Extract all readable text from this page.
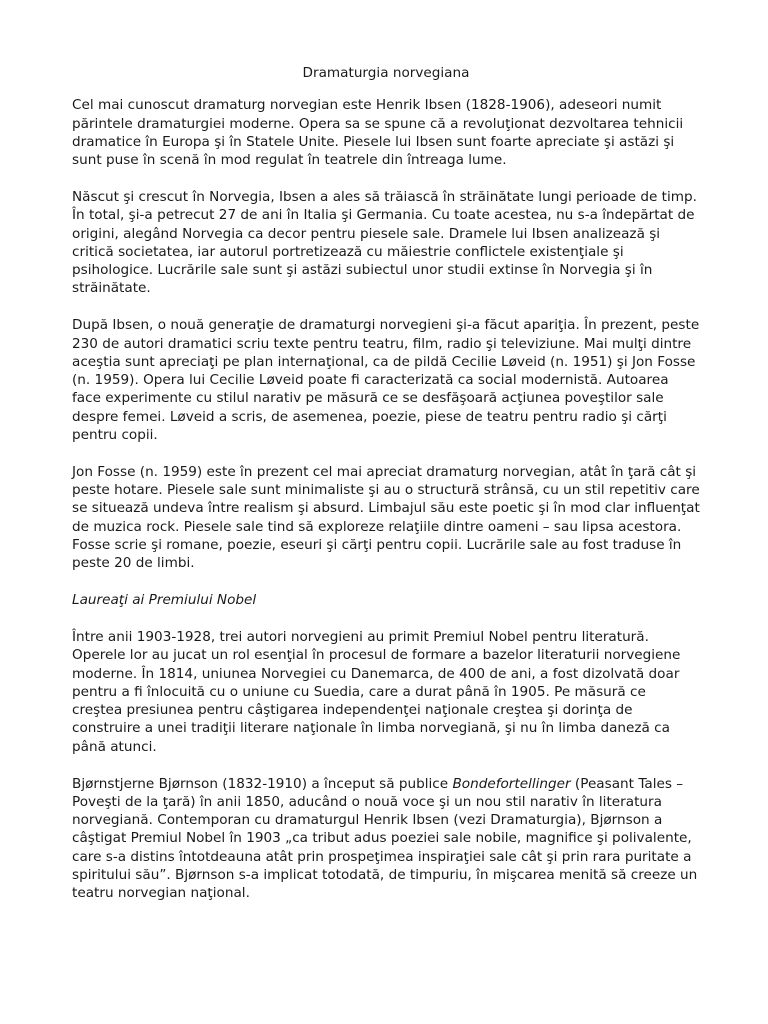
Dramaturgia norvegiana

Cel mai cunoscut dramaturg norvegian este Henrik Ibsen (1828-1906), adeseori numit părintele dramaturgiei moderne. Opera sa se spune că a revoluţionat dezvoltarea tehnicii dramatice în Europa şi în Statele Unite. Piesele lui Ibsen sunt foarte apreciate şi astăzi şi sunt puse în scenă în mod regulat în teatrele din întreaga lume.

Născut şi crescut în Norvegia, Ibsen a ales să trăiască în străinătate lungi perioade de timp. În total, şi-a petrecut 27 de ani în Italia şi Germania. Cu toate acestea, nu s-a îndepărtat de origini, alegând Norvegia ca decor pentru piesele sale. Dramele lui Ibsen analizează şi critică societatea, iar autorul portretizează cu măiestrie conflictele existenţiale şi psihologice. Lucrările sale sunt şi astăzi subiectul unor studii extinse în Norvegia şi în străinătate.

După Ibsen, o nouă generaţie de dramaturgi norvegieni şi-a făcut apariţia. În prezent, peste 230 de autori dramatici scriu texte pentru teatru, film, radio şi televiziune. Mai mulţi dintre aceştia sunt apreciaţi pe plan internaţional, ca de pildă Cecilie Løveid (n. 1951) şi Jon Fosse (n. 1959). Opera lui Cecilie Løveid poate fi caracterizată ca social modernistă. Autoarea face experimente cu stilul narativ pe măsură ce se desfăşoară acţiunea poveştilor sale despre femei. Løveid a scris, de asemenea, poezie, piese de teatru pentru radio şi cărţi pentru copii.

Jon Fosse (n. 1959) este în prezent cel mai apreciat dramaturg norvegian, atât în ţară cât şi peste hotare. Piesele sale sunt minimaliste şi au o structură strânsă, cu un stil repetitiv care se situează undeva între realism şi absurd. Limbajul său este poetic şi în mod clar influenţat de muzica rock. Piesele sale tind să exploreze relaţiile dintre oameni – sau lipsa acestora. Fosse scrie şi romane, poezie, eseuri şi cărţi pentru copii. Lucrările sale au fost traduse în peste 20 de limbi.

Laureaţi ai Premiului Nobel

Între anii 1903-1928, trei autori norvegieni au primit Premiul Nobel pentru literatură. Operele lor au jucat un rol esenţial în procesul de formare a bazelor literaturii norvegiene moderne. În 1814, uniunea Norvegiei cu Danemarca, de 400 de ani, a fost dizolvată doar pentru a fi înlocuită cu o uniune cu Suedia, care a durat până în 1905. Pe măsură ce creştea presiunea pentru câştigarea independenţei naţionale creştea şi dorinţa de construire a unei tradiţii literare naţionale în limba norvegiană, şi nu în limba daneză ca până atunci.

Bjørnstjerne Bjørnson (1832-1910) a început să publice Bondefortellinger (Peasant Tales – Poveşti de la ţară) în anii 1850, aducând o nouă voce şi un nou stil narativ în literatura norvegiană. Contemporan cu dramaturgul Henrik Ibsen (vezi Dramaturgia), Bjørnson a câştigat Premiul Nobel în 1903 „ca tribut adus poeziei sale nobile, magnifice şi polivalente, care s-a distins întotdeauna atât prin prospeţimea inspiraţiei sale cât şi prin rara puritate a spiritului său”. Bjørnson s-a implicat totodată, de timpuriu, în mişcarea menită să creeze un teatru norvegian naţional.
